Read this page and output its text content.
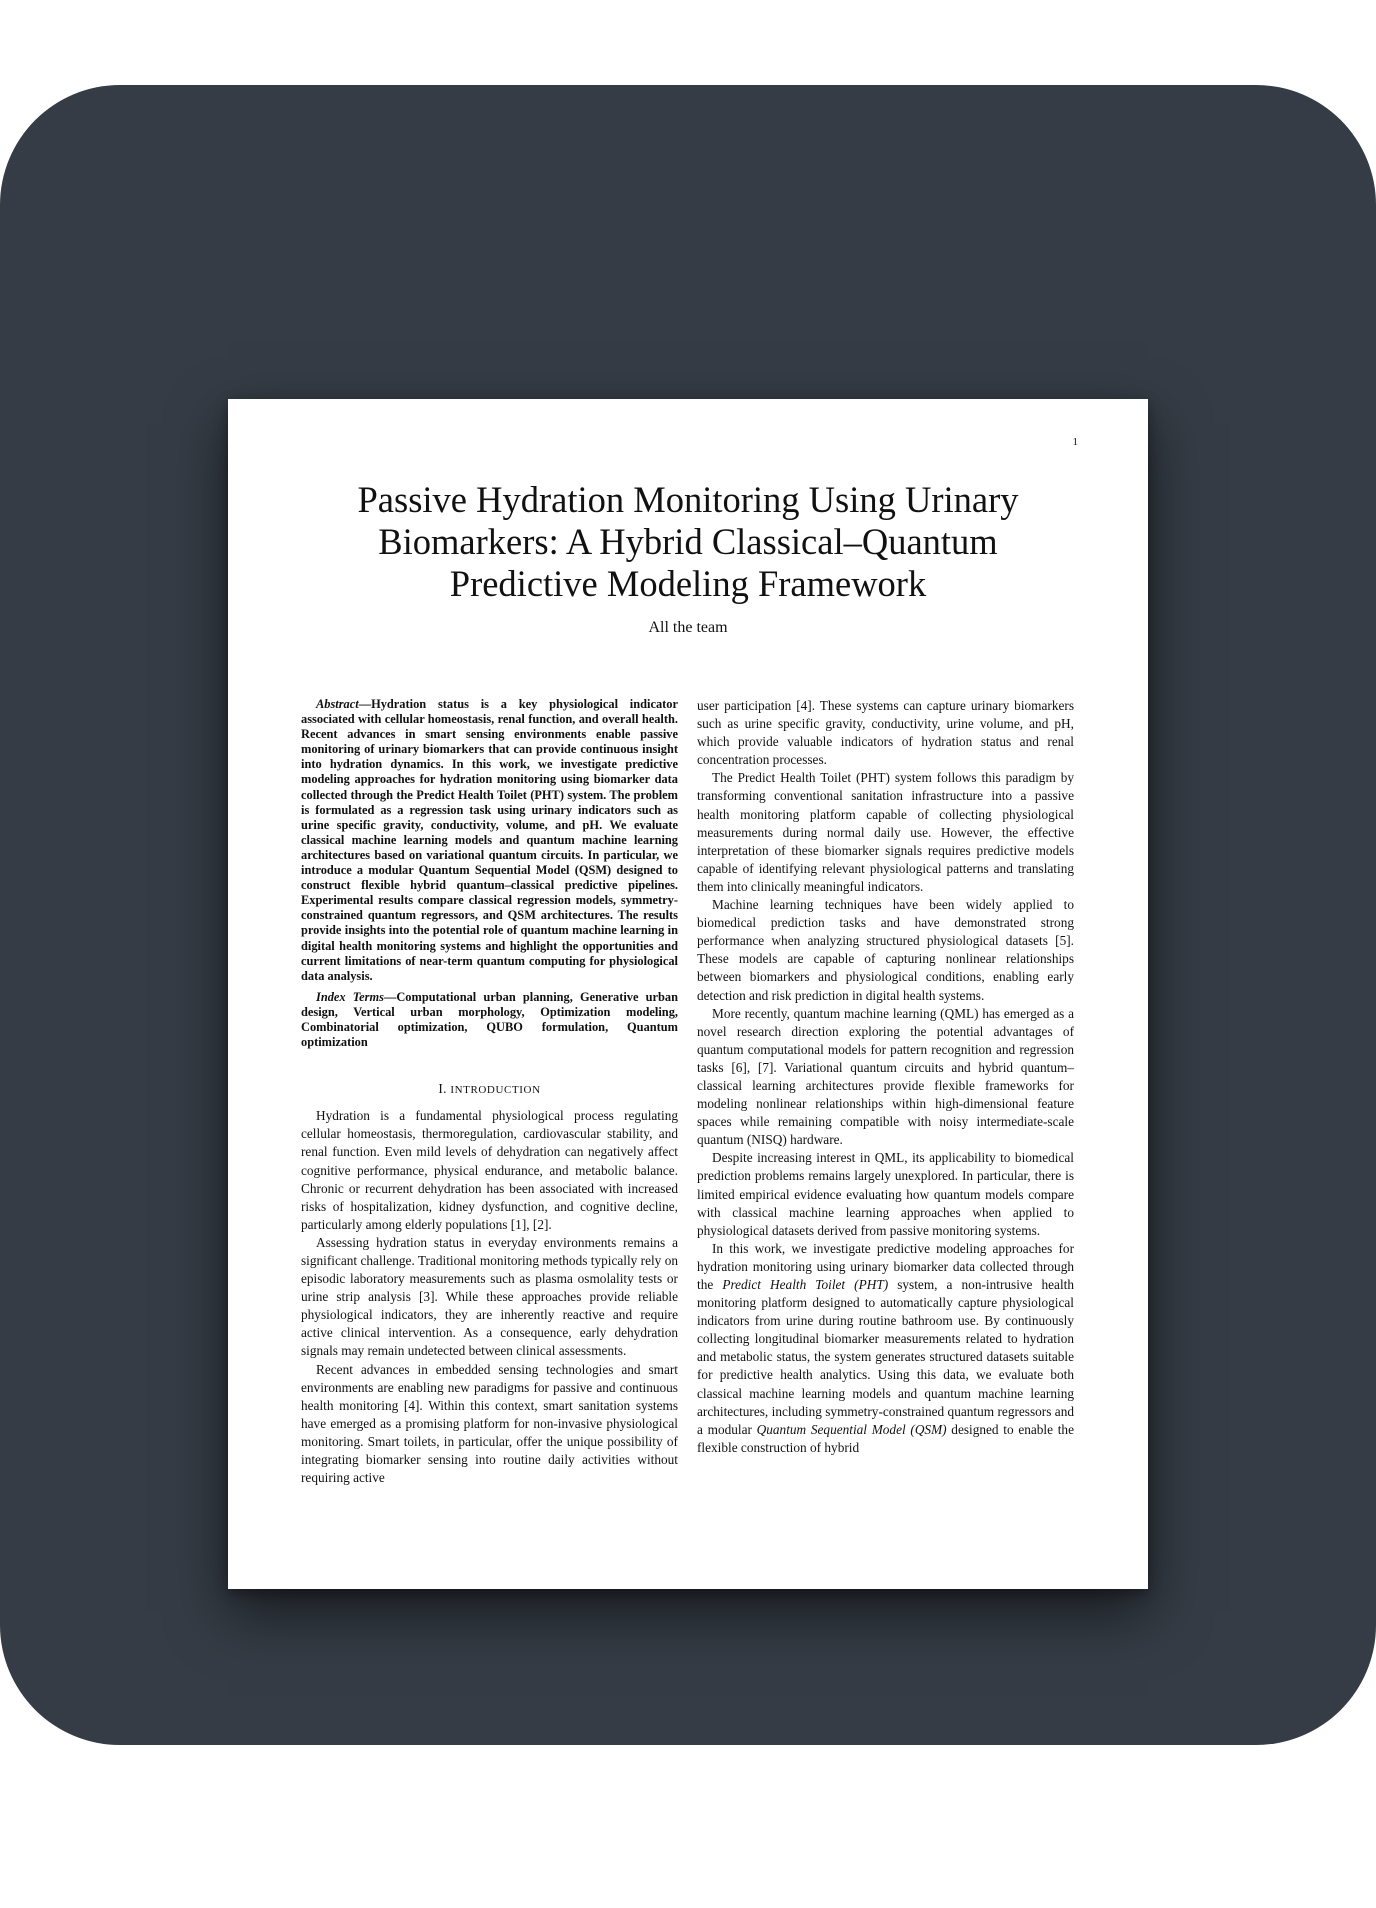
1
Passive Hydration Monitoring Using Urinary
Biomarkers: A Hybrid Classical–Quantum
Predictive Modeling Framework
All the team

Abstract—Hydration status is a key physiological indicator associated with cellular homeostasis, renal function, and overall health. Recent advances in smart sensing environments enable passive monitoring of urinary biomarkers that can provide continuous insight into hydration dynamics. In this work, we investigate predictive modeling approaches for hydration monitoring using biomarker data collected through the Predict Health Toilet (PHT) system. The problem is formulated as a regression task using urinary indicators such as urine specific gravity, conductivity, volume, and pH. We evaluate classical machine learning models and quantum machine learning architectures based on variational quantum circuits. In particular, we introduce a modular Quantum Sequential Model (QSM) designed to construct flexible hybrid quantum–classical predictive pipelines. Experimental results compare classical regression models, symmetry-constrained quantum regressors, and QSM architectures. The results provide insights into the potential role of quantum machine learning in digital health monitoring systems and highlight the opportunities and current limitations of near-term quantum computing for physiological data analysis.

Index Terms—Computational urban planning, Generative urban design, Vertical urban morphology, Optimization modeling, Combinatorial optimization, QUBO formulation, Quantum optimization

I. INTRODUCTION

Hydration is a fundamental physiological process regulating cellular homeostasis, thermoregulation, cardiovascular stability, and renal function. Even mild levels of dehydration can negatively affect cognitive performance, physical endurance, and metabolic balance. Chronic or recurrent dehydration has been associated with increased risks of hospitalization, kidney dysfunction, and cognitive decline, particularly among elderly populations [1], [2].

Assessing hydration status in everyday environments remains a significant challenge. Traditional monitoring methods typically rely on episodic laboratory measurements such as plasma osmolality tests or urine strip analysis [3]. While these approaches provide reliable physiological indicators, they are inherently reactive and require active clinical intervention. As a consequence, early dehydration signals may remain undetected between clinical assessments.

Recent advances in embedded sensing technologies and smart environments are enabling new paradigms for passive and continuous health monitoring [4]. Within this context, smart sanitation systems have emerged as a promising platform for non-invasive physiological monitoring. Smart toilets, in particular, offer the unique possibility of integrating biomarker sensing into routine daily activities without requiring active

user participation [4]. These systems can capture urinary biomarkers such as urine specific gravity, conductivity, urine volume, and pH, which provide valuable indicators of hydration status and renal concentration processes.

The Predict Health Toilet (PHT) system follows this paradigm by transforming conventional sanitation infrastructure into a passive health monitoring platform capable of collecting physiological measurements during normal daily use. However, the effective interpretation of these biomarker signals requires predictive models capable of identifying relevant physiological patterns and translating them into clinically meaningful indicators.

Machine learning techniques have been widely applied to biomedical prediction tasks and have demonstrated strong performance when analyzing structured physiological datasets [5]. These models are capable of capturing nonlinear relationships between biomarkers and physiological conditions, enabling early detection and risk prediction in digital health systems.

More recently, quantum machine learning (QML) has emerged as a novel research direction exploring the potential advantages of quantum computational models for pattern recognition and regression tasks [6], [7]. Variational quantum circuits and hybrid quantum–classical learning architectures provide flexible frameworks for modeling nonlinear relationships within high-dimensional feature spaces while remaining compatible with noisy intermediate-scale quantum (NISQ) hardware.

Despite increasing interest in QML, its applicability to biomedical prediction problems remains largely unexplored. In particular, there is limited empirical evidence evaluating how quantum models compare with classical machine learning approaches when applied to physiological datasets derived from passive monitoring systems.

In this work, we investigate predictive modeling approaches for hydration monitoring using urinary biomarker data collected through the Predict Health Toilet (PHT) system, a non-intrusive health monitoring platform designed to automatically capture physiological indicators from urine during routine bathroom use. By continuously collecting longitudinal biomarker measurements related to hydration and metabolic status, the system generates structured datasets suitable for predictive health analytics. Using this data, we evaluate both classical machine learning models and quantum machine learning architectures, including symmetry-constrained quantum regressors and a modular Quantum Sequential Model (QSM) designed to enable the flexible construction of hybrid
